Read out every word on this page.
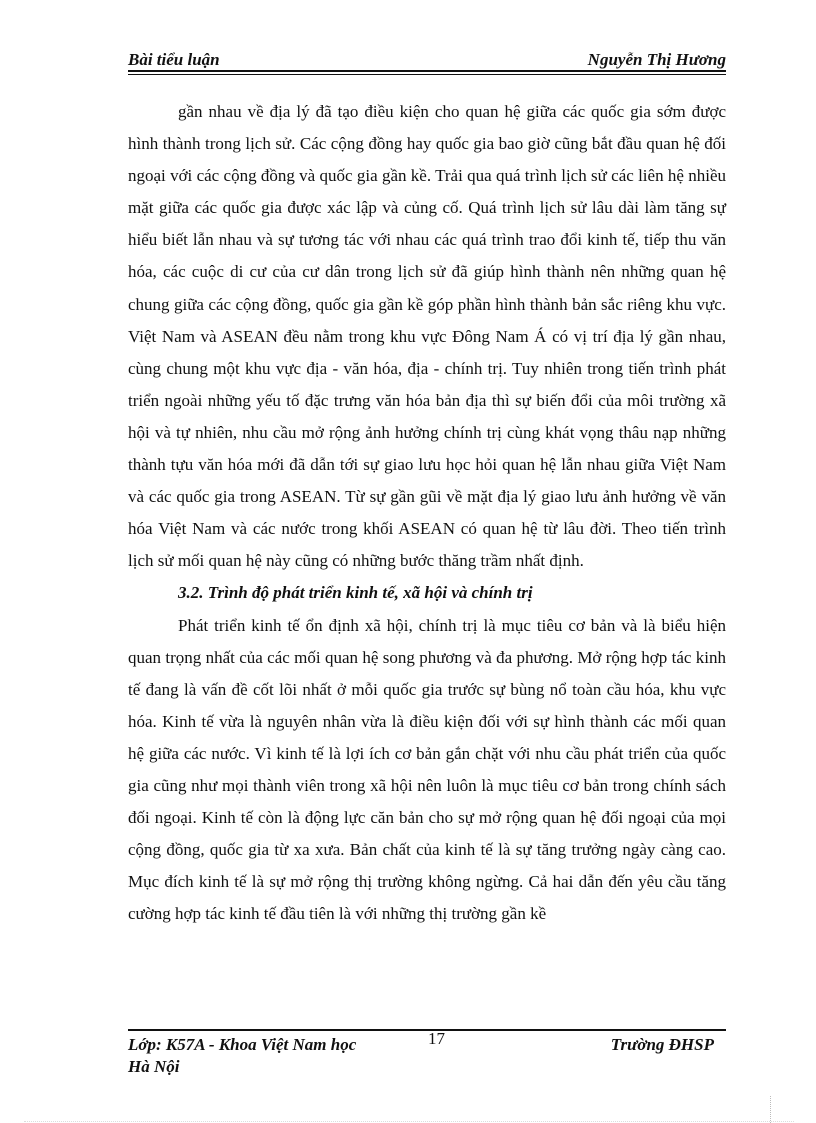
Bài tiểu luận	Nguyễn Thị Hương

gần nhau về địa lý đã tạo điều kiện cho quan hệ giữa các quốc gia sớm được hình thành trong lịch sử. Các cộng đồng hay quốc gia bao giờ cũng bắt đầu quan hệ đối ngoại với các cộng đồng và quốc gia gần kề. Trải qua quá trình lịch sử các liên hệ nhiều mặt giữa các quốc gia được xác lập và củng cố. Quá trình lịch sử lâu dài làm tăng sự hiểu biết lẫn nhau và sự tương tác với nhau các quá trình trao đổi kinh tế, tiếp thu văn hóa, các cuộc di cư của cư dân trong lịch sử đã giúp hình thành nên những quan hệ chung giữa các cộng đồng, quốc gia gần kề góp phần hình thành bản sắc riêng khu vực. Việt Nam và ASEAN đều nằm trong khu vực Đông Nam Á có vị trí địa lý gần nhau, cùng chung một khu vực địa - văn hóa, địa - chính trị. Tuy nhiên trong tiến trình phát triển ngoài những yếu tố đặc trưng văn hóa bản địa thì sự biến đổi của môi trường xã hội và tự nhiên, nhu cầu mở rộng ảnh hưởng chính trị cùng khát vọng thâu nạp những thành tựu văn hóa mới đã dẫn tới sự giao lưu học hỏi quan hệ lẫn nhau giữa Việt Nam và các quốc gia trong ASEAN. Từ sự gần gũi về mặt địa lý giao lưu ảnh hưởng về văn hóa Việt Nam và các nước trong khối ASEAN có quan hệ từ lâu đời. Theo tiến trình lịch sử mối quan hệ này cũng có những bước thăng trầm nhất định.

3.2. Trình độ phát triển kinh tế, xã hội và chính trị

Phát triển kinh tế ổn định xã hội, chính trị là mục tiêu cơ bản và là biểu hiện quan trọng nhất của các mối quan hệ song phương và đa phương. Mở rộng hợp tác kinh tế đang là vấn đề cốt lõi nhất ở mỗi quốc gia trước sự bùng nổ toàn cầu hóa, khu vực hóa. Kinh tế vừa là nguyên nhân vừa là điều kiện đối với sự hình thành các mối quan hệ giữa các nước. Vì kinh tế là lợi ích cơ bản gắn chặt với nhu cầu phát triển của quốc gia cũng như mọi thành viên trong xã hội nên luôn là mục tiêu cơ bản trong chính sách đối ngoại. Kinh tế còn là động lực căn bản cho sự mở rộng quan hệ đối ngoại của mọi cộng đồng, quốc gia từ xa xưa. Bản chất của kinh tế là sự tăng trưởng ngày càng cao. Mục đích kinh tế là sự mở rộng thị trường không ngừng. Cả hai dẫn đến yêu cầu tăng cường hợp tác kinh tế đầu tiên là với những thị trường gần kề

Lớp: K57A - Khoa Việt Nam học	17	Trường ĐHSP
Hà Nội
